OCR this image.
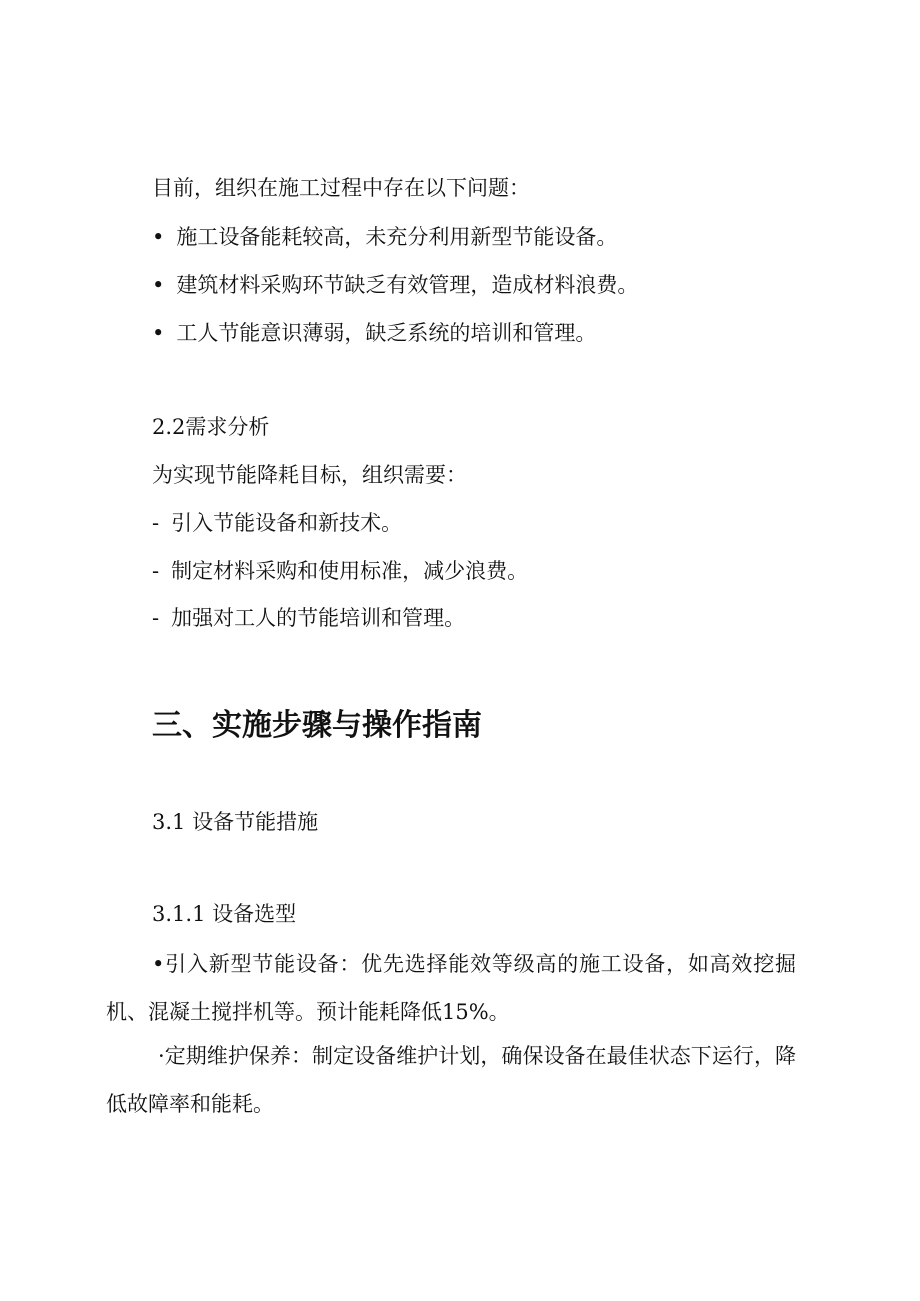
目前，组织在施工过程中存在以下问题：
• 施工设备能耗较高，未充分利用新型节能设备。
• 建筑材料采购环节缺乏有效管理，造成材料浪费。
• 工人节能意识薄弱，缺乏系统的培训和管理。
2.2需求分析
为实现节能降耗目标，组织需要：
- 引入节能设备和新技术。
- 制定材料采购和使用标准，减少浪费。
- 加强对工人的节能培训和管理。
三、实施步骤与操作指南
3.1 设备节能措施
3.1.1 设备选型
•引入新型节能设备：优先选择能效等级高的施工设备，如高效挖掘机、混凝土搅拌机等。预计能耗降低15%。
·定期维护保养：制定设备维护计划，确保设备在最佳状态下运行，降低故障率和能耗。
